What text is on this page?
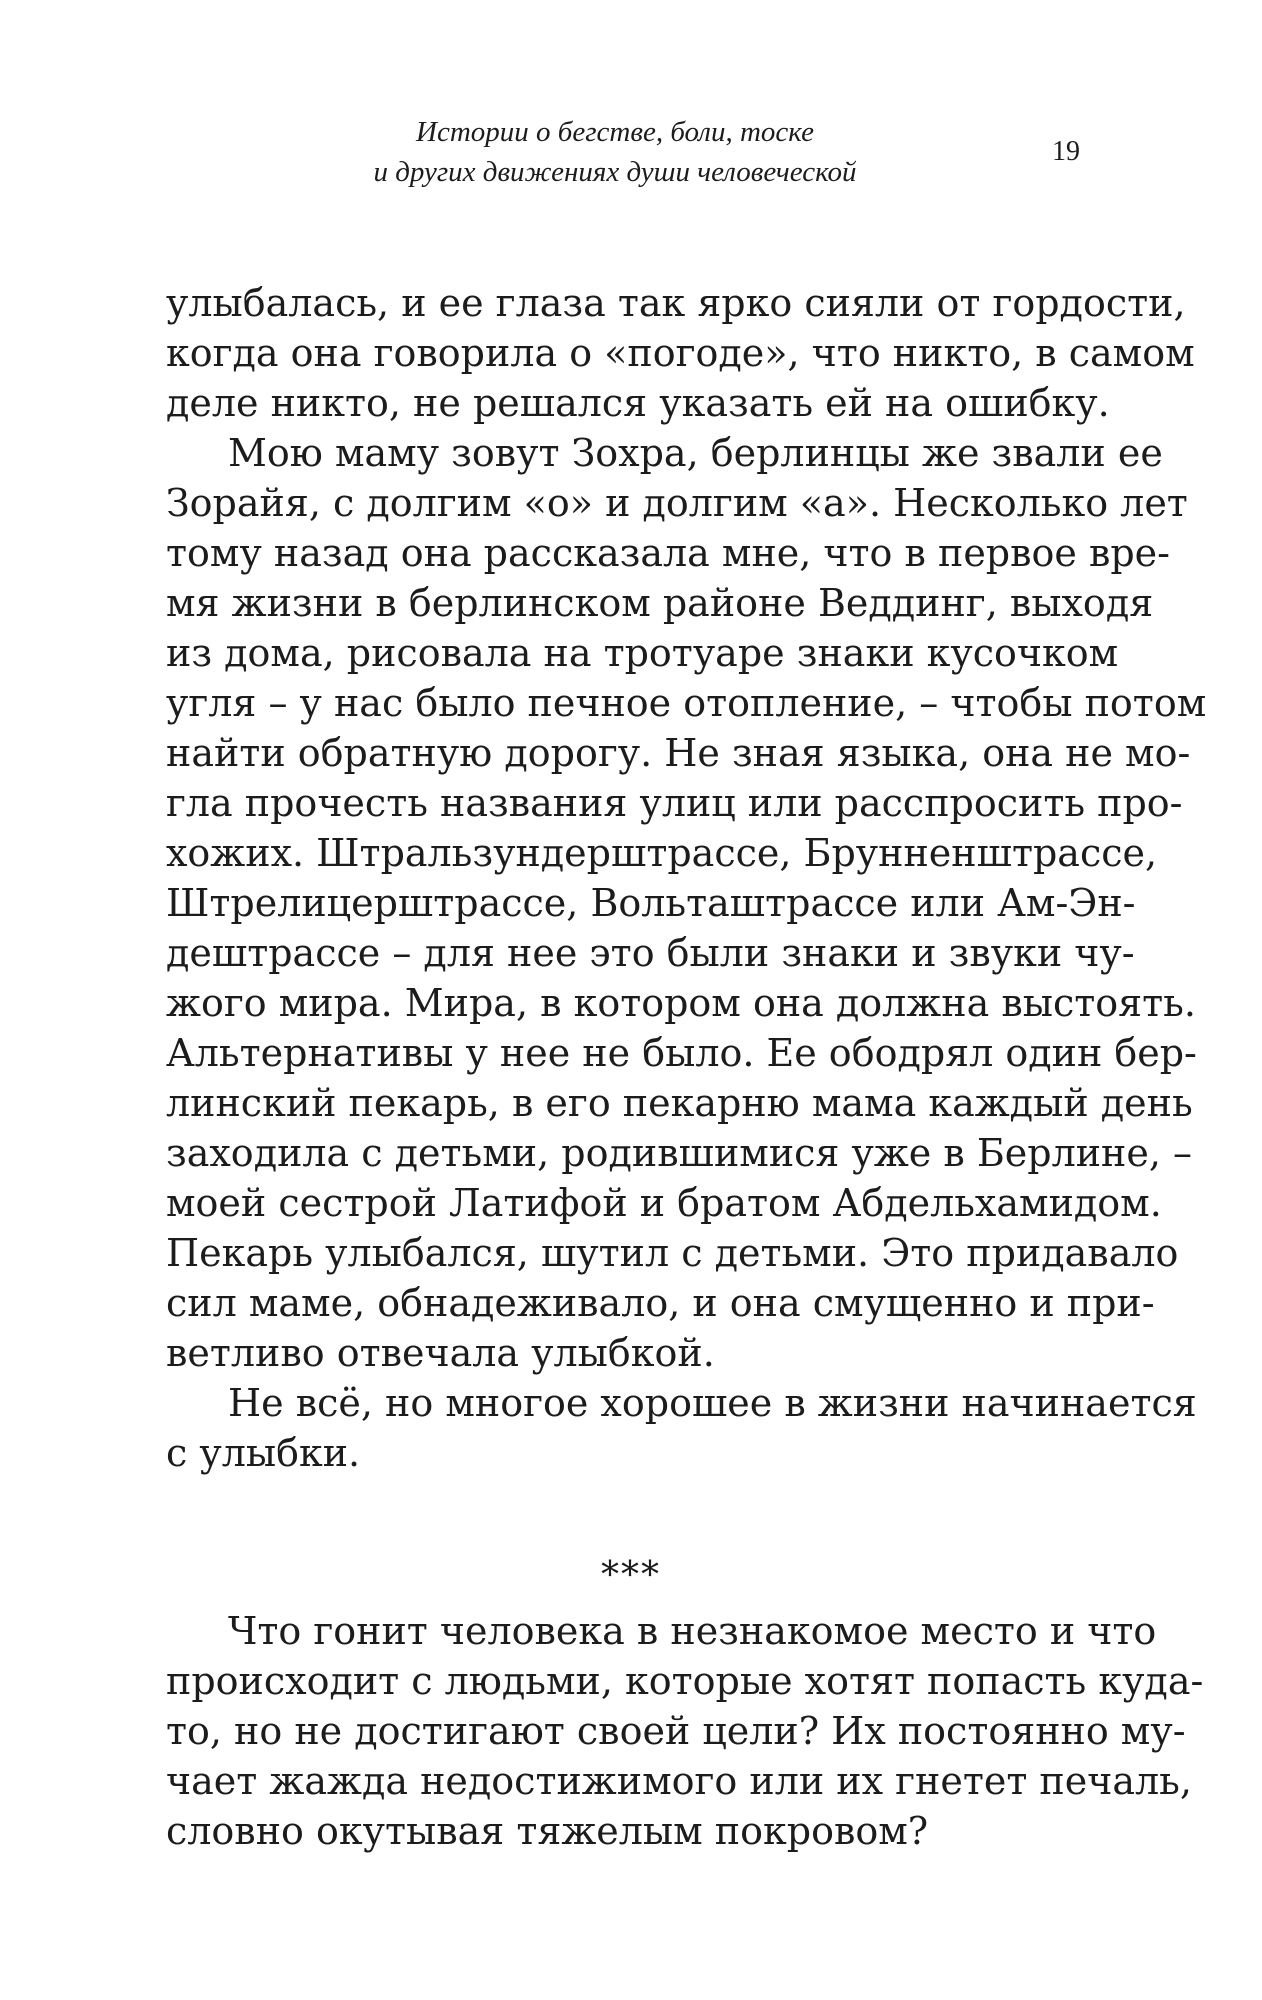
Истории о бегстве, боли, тоске
и других движениях души человеческой
19
улыбалась, и ее глаза так ярко сияли от гордости,
когда она говорила о «погоде», что никто, в самом
деле никто, не решался указать ей на ошибку.
Мою маму зовут Зохра, берлинцы же звали ее
Зорайя, с долгим «о» и долгим «а». Несколько лет
тому назад она рассказала мне, что в первое вре-
мя жизни в берлинском районе Веддинг, выходя
из дома, рисовала на тротуаре знаки кусочком
угля – у нас было печное отопление, – чтобы потом
найти обратную дорогу. Не зная языка, она не мо-
гла прочесть названия улиц или расспросить про-
хожих. Штральзундерштрассе, Брунненштрассе,
Штрелицерштрассе, Вольташтрассе или Ам-Эн-
дештрассе – для нее это были знаки и звуки чу-
жого мира. Мира, в котором она должна выстоять.
Альтернативы у нее не было. Ее ободрял один бер-
линский пекарь, в его пекарню мама каждый день
заходила с детьми, родившимися уже в Берлине, –
моей сестрой Латифой и братом Абдельхамидом.
Пекарь улыбался, шутил с детьми. Это придавало
сил маме, обнадеживало, и она смущенно и при-
ветливо отвечала улыбкой.
Не всё, но многое хорошее в жизни начинается
с улыбки.
***
Что гонит человека в незнакомое место и что
происходит с людьми, которые хотят попасть куда-
то, но не достигают своей цели? Их постоянно му-
чает жажда недостижимого или их гнетет печаль,
словно окутывая тяжелым покровом?
